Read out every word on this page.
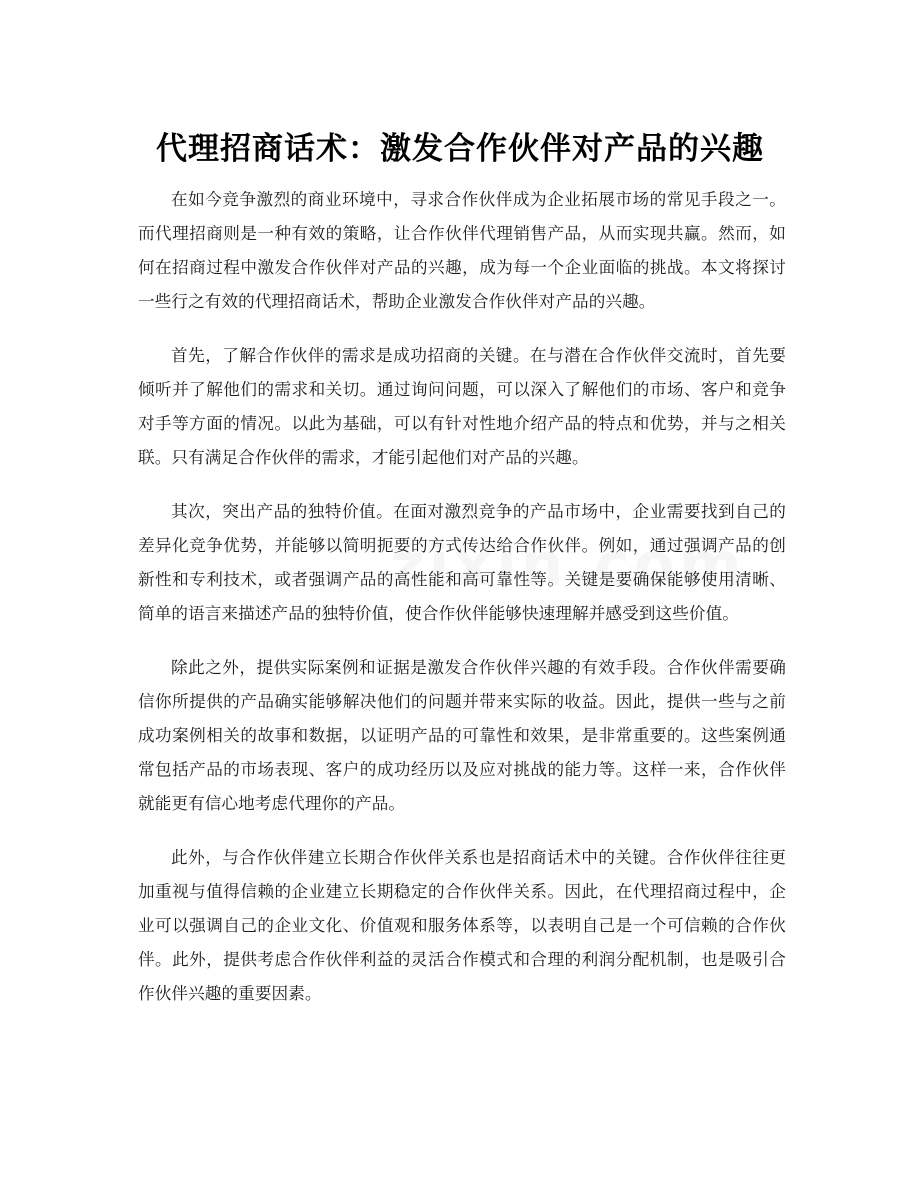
代理招商话术：激发合作伙伴对产品的兴趣

在如今竞争激烈的商业环境中，寻求合作伙伴成为企业拓展市场的常见手段之一。而代理招商则是一种有效的策略，让合作伙伴代理销售产品，从而实现共赢。然而，如何在招商过程中激发合作伙伴对产品的兴趣，成为每一个企业面临的挑战。本文将探讨一些行之有效的代理招商话术，帮助企业激发合作伙伴对产品的兴趣。

首先，了解合作伙伴的需求是成功招商的关键。在与潜在合作伙伴交流时，首先要倾听并了解他们的需求和关切。通过询问问题，可以深入了解他们的市场、客户和竞争对手等方面的情况。以此为基础，可以有针对性地介绍产品的特点和优势，并与之相关联。只有满足合作伙伴的需求，才能引起他们对产品的兴趣。

其次，突出产品的独特价值。在面对激烈竞争的产品市场中，企业需要找到自己的差异化竞争优势，并能够以简明扼要的方式传达给合作伙伴。例如，通过强调产品的创新性和专利技术，或者强调产品的高性能和高可靠性等。关键是要确保能够使用清晰、简单的语言来描述产品的独特价值，使合作伙伴能够快速理解并感受到这些价值。

除此之外，提供实际案例和证据是激发合作伙伴兴趣的有效手段。合作伙伴需要确信你所提供的产品确实能够解决他们的问题并带来实际的收益。因此，提供一些与之前成功案例相关的故事和数据，以证明产品的可靠性和效果，是非常重要的。这些案例通常包括产品的市场表现、客户的成功经历以及应对挑战的能力等。这样一来，合作伙伴就能更有信心地考虑代理你的产品。

此外，与合作伙伴建立长期合作伙伴关系也是招商话术中的关键。合作伙伴往往更加重视与值得信赖的企业建立长期稳定的合作伙伴关系。因此，在代理招商过程中，企业可以强调自己的企业文化、价值观和服务体系等，以表明自己是一个可信赖的合作伙伴。此外，提供考虑合作伙伴利益的灵活合作模式和合理的利润分配机制，也是吸引合作伙伴兴趣的重要因素。
